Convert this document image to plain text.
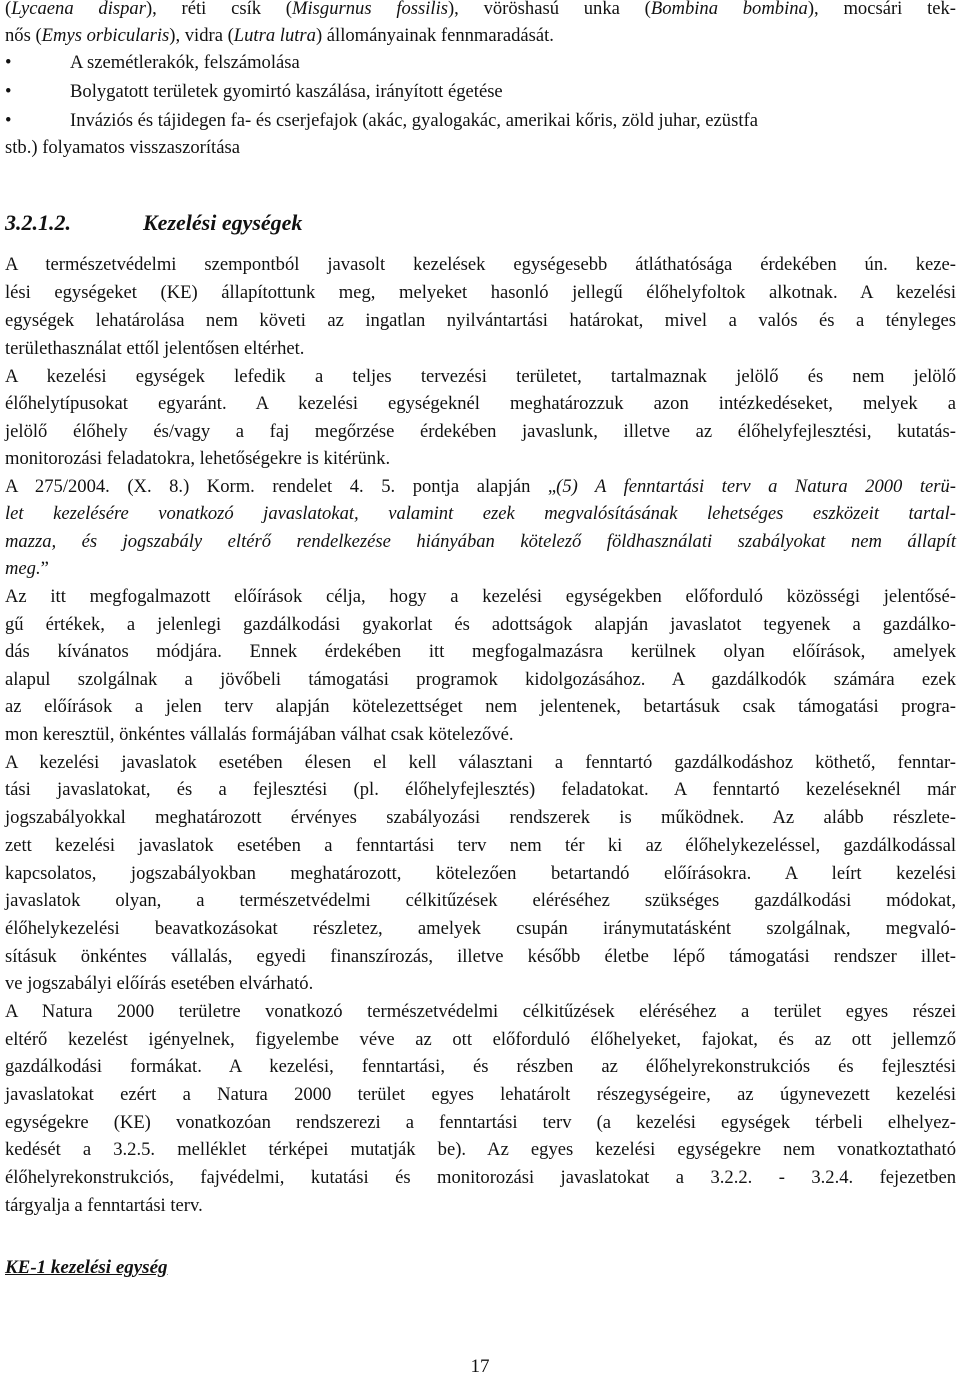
(Lycaena dispar), réti csík (Misgurnus fossilis), vöröshasú unka (Bombina bombina), mocsári tek-
nős (Emys orbicularis), vidra (Lutra lutra) állományainak fennmaradását.
•	A szemétlerakók, felszámolása
•	Bolygatott területek gyomirtó kaszálása, irányított égetése
•	Inváziós és tájidegen fa- és cserjefajok (akác, gyalogakác, amerikai kőris, zöld juhar, ezüstfa
stb.) folyamatos visszaszorítása
3.2.1.2.	Kezelési egységek
A természetvédelmi szempontból javasolt kezelések egységesebb átláthatósága érdekében ún. keze-
lési egységeket (KE) állapítottunk meg, melyeket hasonló jellegű élőhelyfoltok alkotnak. A kezelési
egységek lehatárolása nem követi az ingatlan nyilvántartási határokat, mivel a valós és a tényleges
területhasználat ettől jelentősen eltérhet.
A kezelési egységek lefedik a teljes tervezési területet, tartalmaznak jelölő és nem jelölő
élőhelytípusokat egyaránt. A kezelési egységeknél meghatározzuk azon intézkedéseket, melyek a
jelölő élőhely és/vagy a faj megőrzése érdekében javaslunk, illetve az élőhelyfejlesztési, kutatás-
monitorozási feladatokra, lehetőségekre is kitérünk.
A 275/2004. (X. 8.) Korm. rendelet 4. 5. pontja alapján „(5) A fenntartási terv a Natura 2000 terü-
let kezelésére vonatkozó javaslatokat, valamint ezek megvalósításának lehetséges eszközeit tartal-
mazza, és jogszabály eltérő rendelkezése hiányában kötelező földhasználati szabályokat nem állapít
meg.”
Az itt megfogalmazott előírások célja, hogy a kezelési egységekben előforduló közösségi jelentősé-
gű értékek, a jelenlegi gazdálkodási gyakorlat és adottságok alapján javaslatot tegyenek a gazdálko-
dás kívánatos módjára. Ennek érdekében itt megfogalmazásra kerülnek olyan előírások, amelyek
alapul szolgálnak a jövőbeli támogatási programok kidolgozásához. A gazdálkodók számára ezek
az előírások a jelen terv alapján kötelezettséget nem jelentenek, betartásuk csak támogatási progra-
mon keresztül, önkéntes vállalás formájában válhat csak kötelezővé.
A kezelési javaslatok esetében élesen el kell választani a fenntartó gazdálkodáshoz köthető, fenntar-
tási javaslatokat, és a fejlesztési (pl. élőhelyfejlesztés) feladatokat. A fenntartó kezeléseknél már
jogszabályokkal meghatározott érvényes szabályozási rendszerek is működnek. Az alább részlete-
zett kezelési javaslatok esetében a fenntartási terv nem tér ki az élőhelykezeléssel, gazdálkodással
kapcsolatos, jogszabályokban meghatározott, kötelezően betartandó előírásokra. A leírt kezelési
javaslatok olyan, a természetvédelmi célkitűzések eléréséhez szükséges gazdálkodási módokat,
élőhelykezelési beavatkozásokat részletez, amelyek csupán iránymutatásként szolgálnak, megvaló-
sításuk önkéntes vállalás, egyedi finanszírozás, illetve később életbe lépő támogatási rendszer illet-
ve jogszabályi előírás esetében elvárható.
A Natura 2000 területre vonatkozó természetvédelmi célkitűzések eléréséhez a terület egyes részei
eltérő kezelést igényelnek, figyelembe véve az ott előforduló élőhelyeket, fajokat, és az ott jellemző
gazdálkodási formákat. A kezelési, fenntartási, és részben az élőhelyrekonstrukciós és fejlesztési
javaslatokat ezért a Natura 2000 terület egyes lehatárolt részegységeire, az úgynevezett kezelési
egységekre (KE) vonatkozóan rendszerezi a fenntartási terv (a kezelési egységek térbeli elhelyez-
kedését a 3.2.5. melléklet térképei mutatják be). Az egyes kezelési egységekre nem vonatkoztatható
élőhelyrekonstrukciós, fajvédelmi, kutatási és monitorozási javaslatokat a 3.2.2. - 3.2.4. fejezetben
tárgyalja a fenntartási terv.
KE-1 kezelési egység
17
